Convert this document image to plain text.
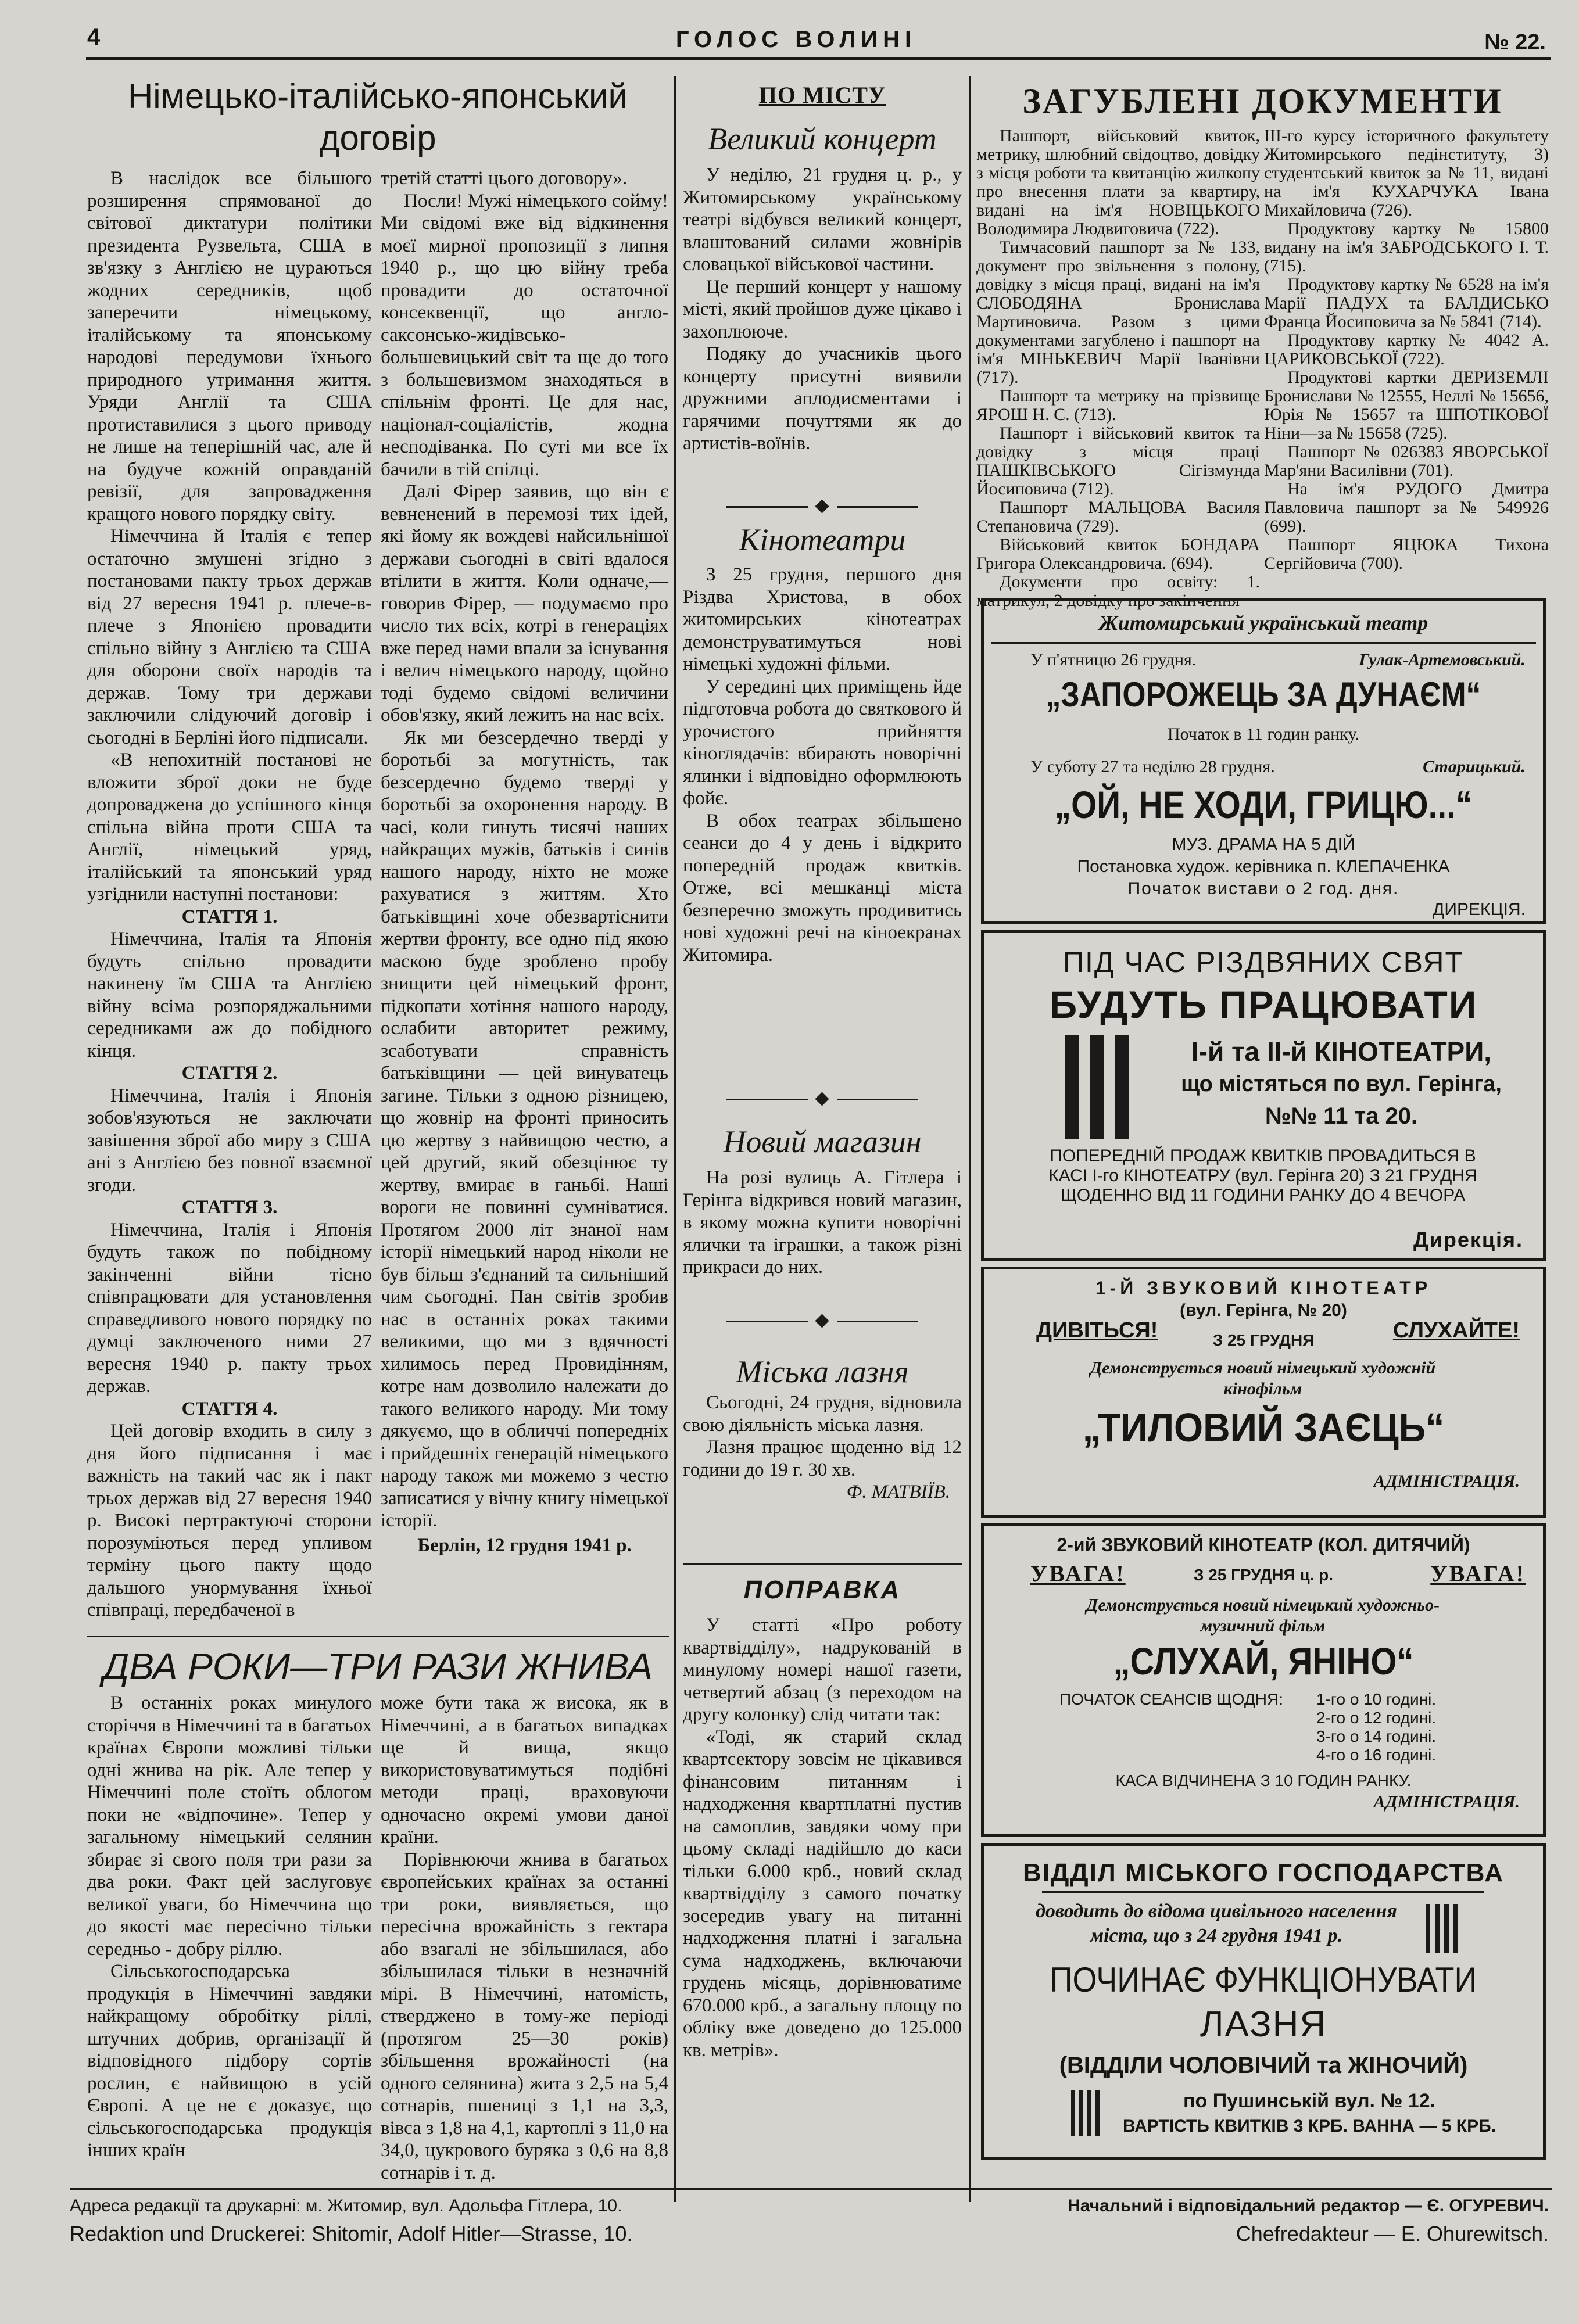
4	ГОЛОС ВОЛИНІ	№ 22.
Німецько-італійсько-японський договір

В наслідок все більшого розширення спрямованої до світової диктатури політики президента Рузвельта, США в зв'язку з Англією не цураються жодних середників, щоб заперечити німецькому, італійському та японському народові передумови їхнього природного утримання життя. Уряди Англії та США протиставилися з цього приводу не лише на теперішній час, але й на будуче кожній оправданій ревізії, для запровадження кращого нового порядку світу.

Німеччина й Італія є тепер остаточно змушені згідно з постановами пакту трьох держав від 27 вересня 1941 р. плече-в-плече з Японією провадити спільно війну з Англією та США для оборони своїх народів та держав. Тому три держави заключили слідуючий договір і сьогодні в Берліні його підписали.

«В непохитній постанові не вложити зброї доки не буде допроваджена до успішного кінця спільна війна проти США та Англії, німецький уряд, італійський та японський уряд узгіднили наступні постанови:

СТАТТЯ 1.

Німеччина, Італія та Японія будуть спільно провадити накинену їм США та Англією війну всіма розпоряджальними середниками аж до побідного кінця.

СТАТТЯ 2.

Німеччина, Італія і Японія зобов'язуються не заключати завішення зброї або миру з США ані з Англією без повної взаємної згоди.

СТАТТЯ 3.

Німеччина, Італія і Японія будуть також по побідному закінченні війни тісно співпрацювати для установлення справедливого нового порядку по думці заключеного ними 27 вересня 1940 р. пакту трьох держав.

СТАТТЯ 4.

Цей договір входить в силу з дня його підписання і має важність на такий час як і пакт трьох держав від 27 вересня 1940 р. Високі пертрактуючі сторони порозуміються перед упливом терміну цього пакту щодо дальшого унормування їхньої співпраці, передбаченої в

третій статті цього договору».

Посли! Мужі німецького сойму! Ми свідомі вже від відкинення моєї мирної пропозиції з липня 1940 р., що цю війну треба провадити до остаточної консеквенції, що англо-саксонсько-жидівсько-большевицький світ та ще до того з большевизмом знаходяться в спільнім фронті. Це для нас, націонал-соціалістів, жодна несподіванка. По суті ми все їх бачили в тій спілці.

Далі Фірер заявив, що він є вевненений в перемозі тих ідей, які йому як вождеві найсильнішої держави сьогодні в світі вдалося втілити в життя. Коли одначе,—говорив Фірер, — подумаємо про число тих всіх, котрі в генераціях вже перед нами впали за існування і велич німецького народу, щойно тоді будемо свідомі величини обов'язку, який лежить на нас всіх.

Як ми безсердечно тверді у боротьбі за могутність, так безсердечно будемо тверді у боротьбі за охоронення народу. В часі, коли гинуть тисячі наших найкращих мужів, батьків і синів нашого народу, ніхто не може рахуватися з життям. Хто батьківщині хоче обезвартіснити жертви фронту, все одно під якою маскою буде зроблено пробу знищити цей німецький фронт, підкопати хотіння нашого народу, ослабити авторитет режиму, зсаботувати справність батьківщини — цей винуватець загине. Тільки з одною різницею, що жовнір на фронті приносить цю жертву з найвищою честю, а цей другий, який обезцінює ту жертву, вмирає в ганьбі. Наші вороги не повинні сумніватися. Протягом 2000 літ знаної нам історії німецький народ ніколи не був більш з'єднаний та сильніший чим сьогодні. Пан світів зробив нас в останніх роках такими великими, що ми з вдячності хилимось перед Провидінням, котре нам дозволило належати до такого великого народу. Ми тому дякуємо, що в обличчі попередніх і прийдешніх генерацій німецького народу також ми можемо з честю записатися у вічну книгу німецької історії.

Берлін, 12 грудня 1941 р.

ДВА РОКИ—ТРИ РАЗИ ЖНИВА

В останніх роках минулого сторіччя в Німеччині та в багатьох країнах Європи можливі тільки одні жнива на рік. Але тепер у Німеччині поле стоїть облогом поки не «відпочине». Тепер у загальному німецький селянин збирає зі свого поля три рази за два роки. Факт цей заслуговує великої уваги, бо Німеччина що до якості має пересічно тільки середньо - добру ріллю.

Сільськогосподарська продукція в Німеччині завдяки найкращому обробітку ріллі, штучних добрив, організації й відповідного підбору сортів рослин, є найвищою в усій Європі. А це не є доказує, що сільськогосподарська продукція інших країн

може бути така ж висока, як в Німеччині, а в багатьох випадках ще й вища, якщо використовуватимуться подібні методи праці, враховуючи одночасно окремі умови даної країни.

Порівнюючи жнива в багатьох європейських країнах за останні три роки, виявляється, що пересічна врожайність з гектара або взагалі не збільшилася, або збільшилася тільки в незначній мірі. В Німеччині, натомість, стверджено в тому-же періоді (протягом 25—30 років) збільшення врожайності (на одного селянина) жита з 2,5 на 5,4 сотнарів, пшениці з 1,1 на 3,3, вівса з 1,8 на 4,1, картоплі з 11,0 на 34,0, цукрового буряка з 0,6 на 8,8 сотнарів і т. д.

ПО МІСТУ
Великий концерт

У неділю, 21 грудня ц. р., у Житомирському українському театрі відбувся великий концерт, влаштований силами жовнірів словацької військової частини.

Це перший концерт у нашому місті, який пройшов дуже цікаво і захоплююче.

Подяку до учасників цього концерту присутні виявили дружними аплодисментами і гарячими почуттями як до артистів-воїнів.

Кінотеатри

З 25 грудня, першого дня Різдва Христова, в обох житомирських кінотеатрах демонструватимуться нові німецькі художні фільми.

У середині цих приміщень йде підготовча робота до святкового й урочистого прийняття кіноглядачів: вбирають новорічні ялинки і відповідно оформлюють фойє.

В обох театрах збільшено сеанси до 4 у день і відкрито попередній продаж квитків. Отже, всі мешканці міста безперечно зможуть продивитись нові художні речі на кіноекранах Житомира.

Новий магазин

На розі вулиць А. Гітлера і Герінга відкрився новий магазин, в якому можна купити новорічні ялички та іграшки, а також різні прикраси до них.

Міська лазня

Сьогодні, 24 грудня, відновила свою діяльність міська лазня.

Лазня працює щоденно від 12 години до 19 г. 30 хв.

Ф. МАТВІЇВ.

ПОПРАВКА

У статті «Про роботу квартвідділу», надрукованій в минулому номері нашої газети, четвертий абзац (з переходом на другу колонку) слід читати так:

«Тоді, як старий склад квартсектору зовсім не цікавився фінансовим питанням і надходження квартплатні пустив на самоплив, завдяки чому при цьому складі надійшло до каси тільки 6.000 крб., новий склад квартвідділу з самого початку зосередив увагу на питанні надходження платні і загальна сума надходжень, включаючи грудень місяць, дорівнюватиме 670.000 крб., а загальну площу по обліку вже доведено до 125.000 кв. метрів».

ЗАГУБЛЕНІ ДОКУМЕНТИ

Пашпорт, військовий квиток, метрику, шлюбний свідоцтво, довідку з місця роботи та квитанцію жилкопу про внесення плати за квартиру, видані на ім'я НОВІЦЬКОГО Володимира Людвиговича (722).

Тимчасовий пашпорт за № 133, документ про звільнення з полону, довідку з місця праці, видані на ім'я СЛОБОДЯНА Бронислава Мартиновича. Разом з цими документами загублено і пашпорт на ім'я МІНЬКЕВИЧ Марії Іванівни (717).

Пашпорт та метрику на прізвище ЯРОШ Н. С. (713).

Пашпорт і військовий квиток та довідку з місця праці ПАШКІВСЬКОГО Сігізмунда Йосиповича (712).

Пашпорт МАЛЬЦОВА Василя Степановича (729).

Військовий квиток БОНДАРА Григора Олександровича. (694).

Документи про освіту: 1. матрикул, 2 довідку про закінчення

ІІІ-го курсу історичного факультету Житомирського педінституту, 3) студентський квиток за № 11, видані на ім'я КУХАРЧУКА Івана Михайловича (726).

Продуктову картку № 15800 видану на ім'я ЗАБРОДСЬКОГО І. Т. (715).

Продуктову картку № 6528 на ім'я Марії ПАДУХ та БАЛДИСЬКО Франца Йосиповича за № 5841 (714).

Продуктову картку № 4042 А. ЦАРИКОВСЬКОЇ (722).

Продуктові картки ДЕРИЗЕМЛІ Бронислави № 12555, Неллі № 15656, Юрія № 15657 та ШПОТІКОВОЇ Ніни—за № 15658 (725).

Пашпорт № 026383 ЯВОРСЬКОЇ Мар'яни Василівни (701).

На ім'я РУДОГО Дмитра Павловича пашпорт за № 549926 (699).

Пашпорт ЯЦЮКА Тихона Сергійовича (700).

Житомирський український театр
У п'ятницю 26 грудня.	Гулак-Артемовський.
„ЗАПОРОЖЕЦЬ ЗА ДУНАЄМ“
Початок в 11 годин ранку.
У суботу 27 та неділю 28 грудня.	Старицький.
„ОЙ, НЕ ХОДИ, ГРИЦЮ...“
МУЗ. ДРАМА НА 5 ДІЙ
Постановка худож. керівника п. КЛЕПАЧЕНКА
Початок вистави о 2 год. дня.
ДИРЕКЦІЯ.
ПІД ЧАС РІЗДВЯНИХ СВЯТ
БУДУТЬ ПРАЦЮВАТИ
І-й та ІІ-й КІНОТЕАТРИ,
що містяться по вул. Герінга,
№№ 11 та 20.
ПОПЕРЕДНІЙ ПРОДАЖ КВИТКІВ ПРОВАДИТЬСЯ В КАСІ І-го КІНОТЕАТРУ (вул. Герінга 20) З 21 ГРУДНЯ ЩОДЕННО ВІД 11 ГОДИНИ РАНКУ ДО 4 ВЕЧОРА
Дирекція.
1-Й ЗВУКОВИЙ КІНОТЕАТР
(вул. Герінга, № 20)
ДИВІТЬСЯ!	З 25 ГРУДНЯ	СЛУХАЙТЕ!
Демонструється новий німецький художній кінофільм
„ТИЛОВИЙ ЗАЄЦЬ“
АДМІНІСТРАЦІЯ.
2-ий ЗВУКОВИЙ КІНОТЕАТР (КОЛ. ДИТЯЧИЙ)
УВАГА!	З 25 ГРУДНЯ ц. р.	УВАГА!
Демонструється новий німецький художньо-музичний фільм
„СЛУХАЙ, ЯНІНО“
ПОЧАТОК СЕАНСІВ ЩОДНЯ: 1-го о 10 годині.
2-го о 12 годині.
3-го о 14 годині.
4-го о 16 годині.
КАСА ВІДЧИНЕНА З 10 ГОДИН РАНКУ.
АДМІНІСТРАЦІЯ.
ВІДДІЛ МІСЬКОГО ГОСПОДАРСТВА
доводить до відома цивільного населення міста, що з 24 грудня 1941 р.
ПОЧИНАЄ ФУНКЦІОНУВАТИ
ЛАЗНЯ
(ВІДДІЛИ ЧОЛОВІЧИЙ та ЖІНОЧИЙ)
по Пушинській вул. № 12.
ВАРТІСТЬ КВИТКІВ 3 КРБ. ВАННА — 5 КРБ.
Адреса редакції та друкарні: м. Житомир, вул. Адольфа Гітлера, 10.	Начальний і відповідальний редактор — Є. ОГУРЕВИЧ.
Redaktion und Druckerei: Shitomir, Adolf Hitler—Strasse, 10.	Chefredakteur — E. Ohurewitsch.
